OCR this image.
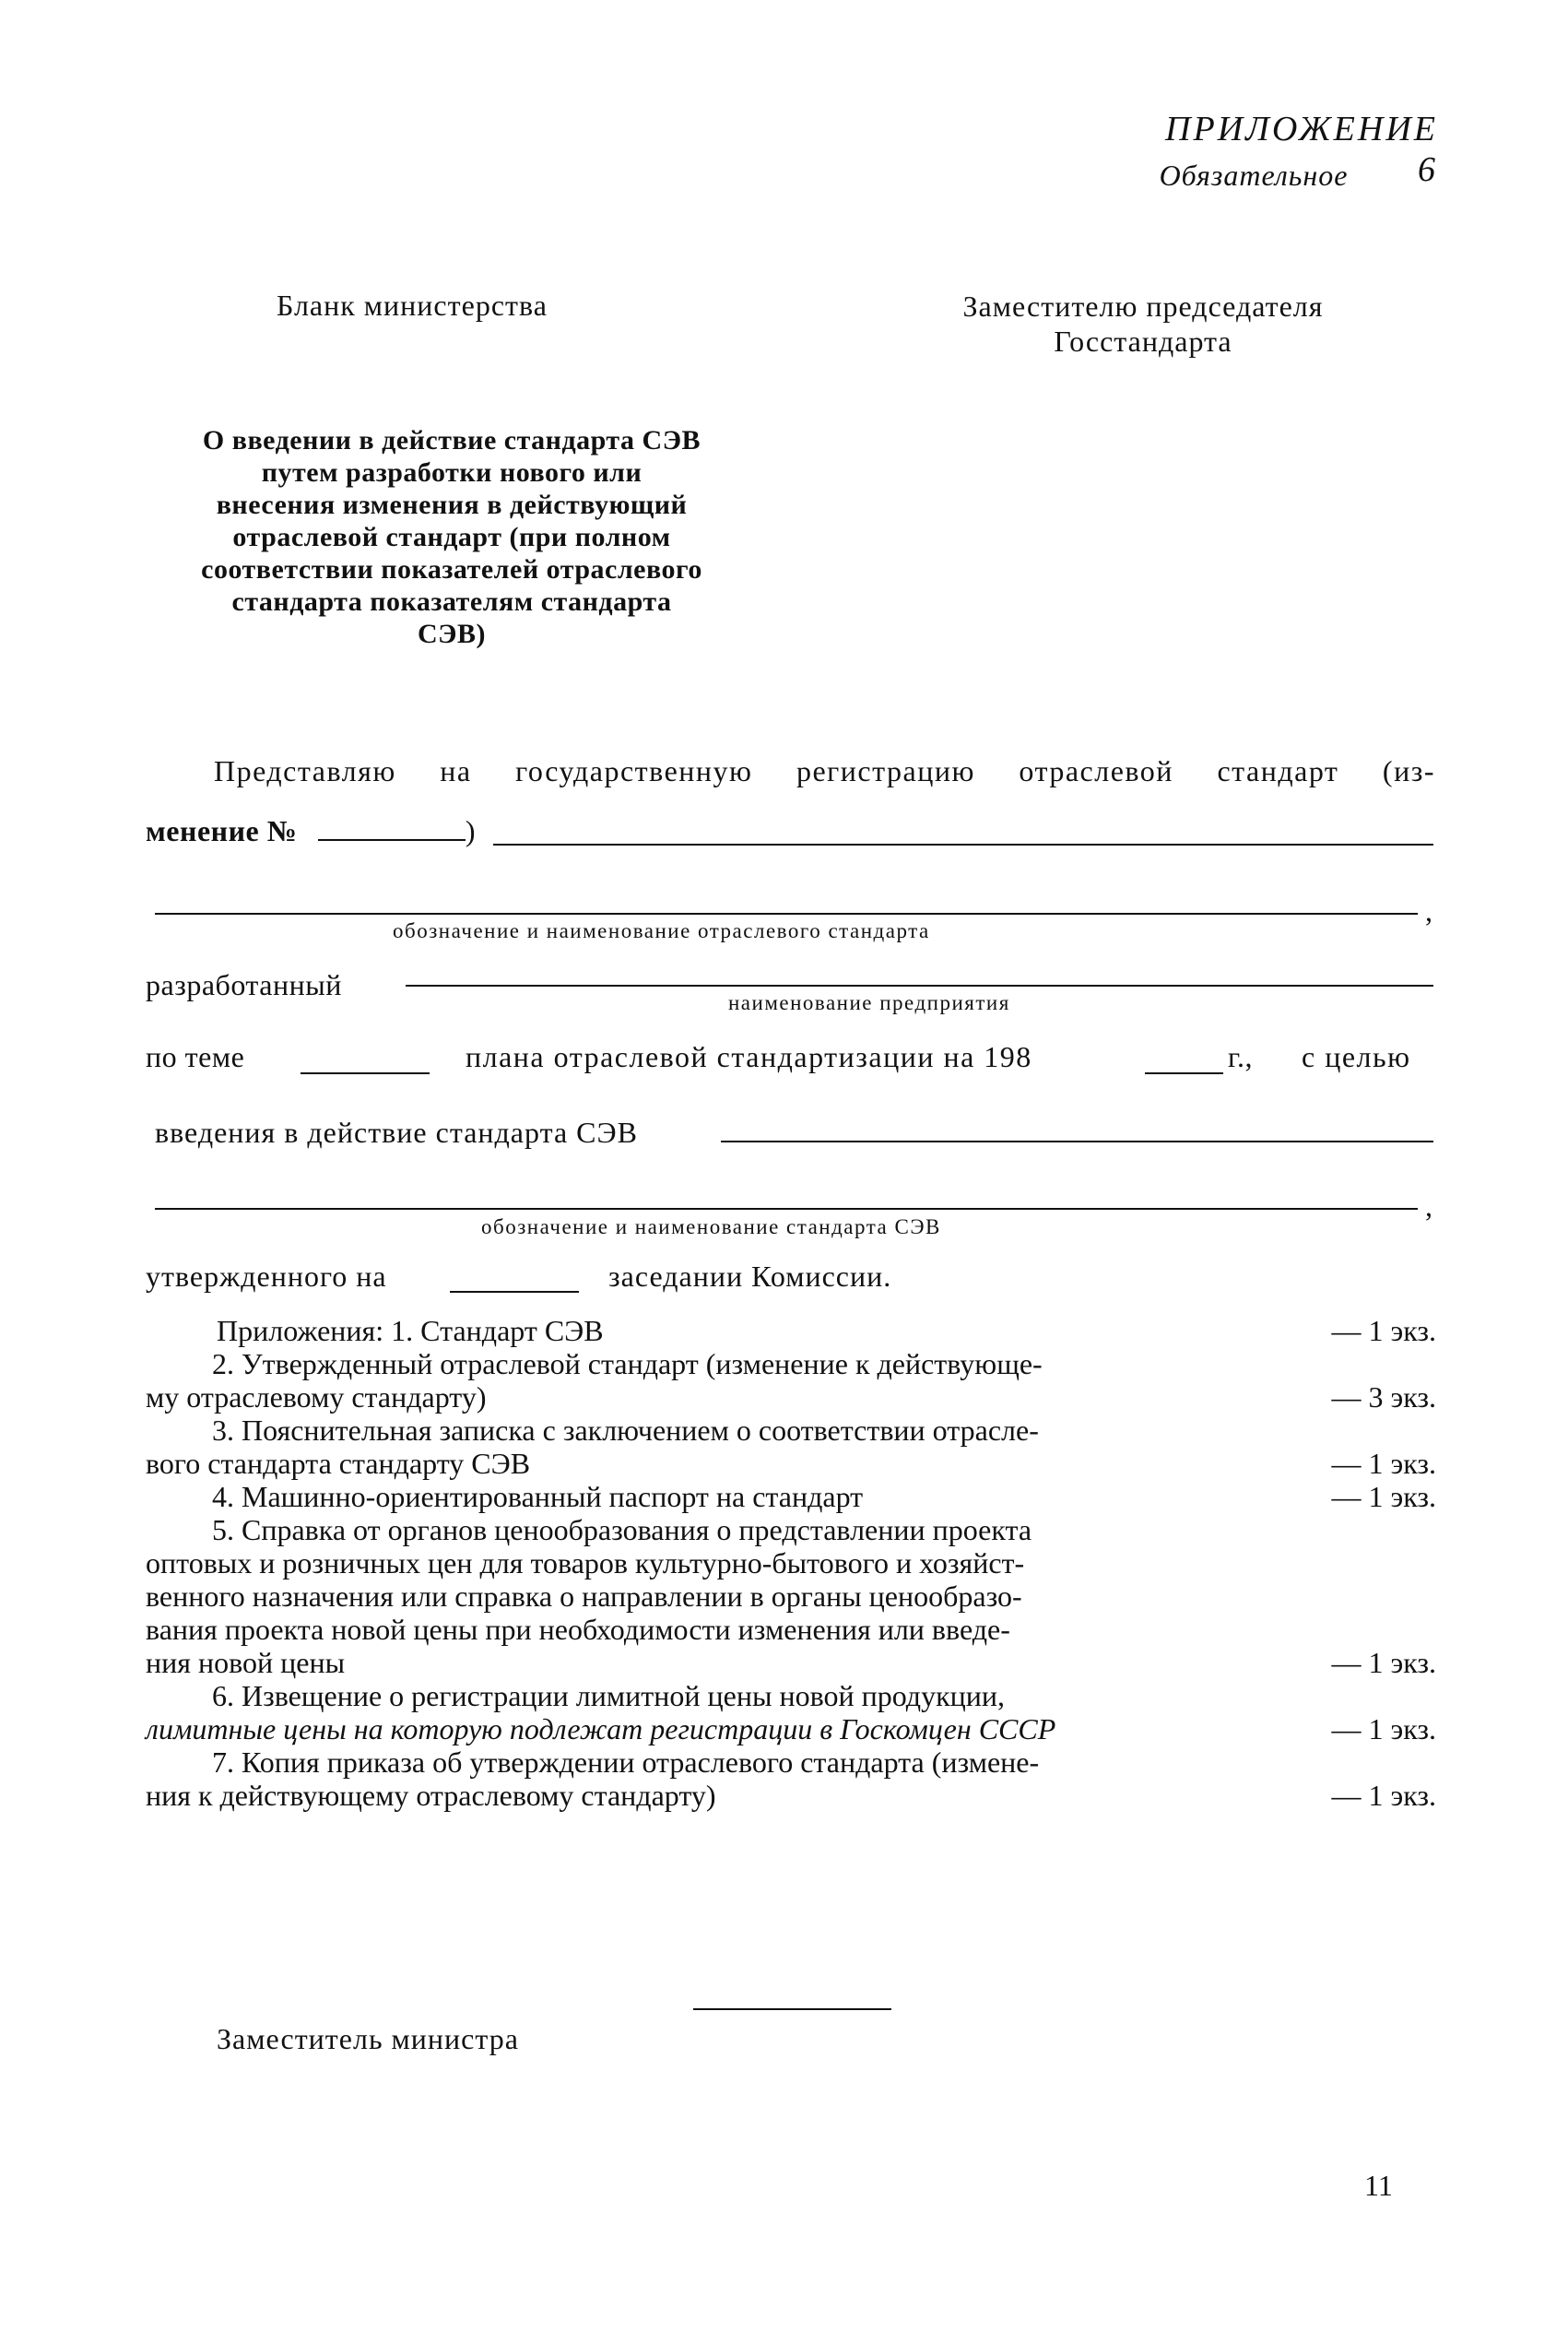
ПРИЛОЖЕНИЕ 6
Обязательное
Бланк министерства	Заместителю председателя
Госстандарта
О введении в действие стандарта СЭВ
путем разработки нового или
внесения изменения в действующий
отраслевой стандарт (при полном
соответствии показателей отраслевого
стандарта показателям стандарта
СЭВ)
Представляю на государственную регистрацию отраслевой стандарт (из-
менение №	)
,
обозначение и наименование отраслевого стандарта
разработанный
наименование предприятия
по теме	плана отраслевой стандартизации на 198	г., с целью
введения в действие стандарта СЭВ
,
обозначение и наименование стандарта СЭВ
утвержденного на	заседании Комиссии.
Приложения: 1. Стандарт СЭВ	— 1 экз.
2. Утвержденный отраслевой стандарт (изменение к действующе-
му отраслевому стандарту)	— 3 экз.
3. Пояснительная записка с заключением о соответствии отрасле-
вого стандарта стандарту СЭВ	— 1 экз.
4. Машинно-ориентированный паспорт на стандарт	— 1 экз.
5. Справка от органов ценообразования о представлении проекта
оптовых и розничных цен для товаров культурно-бытового и хозяйст-
венного назначения или справка о направлении в органы ценообразо-
вания проекта новой цены при необходимости изменения или введе-
ния новой цены	— 1 экз.
6. Извещение о регистрации лимитной цены новой продукции,
лимитные цены на которую подлежат регистрации в Госкомцен СССР	— 1 экз.
7. Копия приказа об утверждении отраслевого стандарта (измене-
ния к действующему отраслевому стандарту)	— 1 экз.
Заместитель министра
11
